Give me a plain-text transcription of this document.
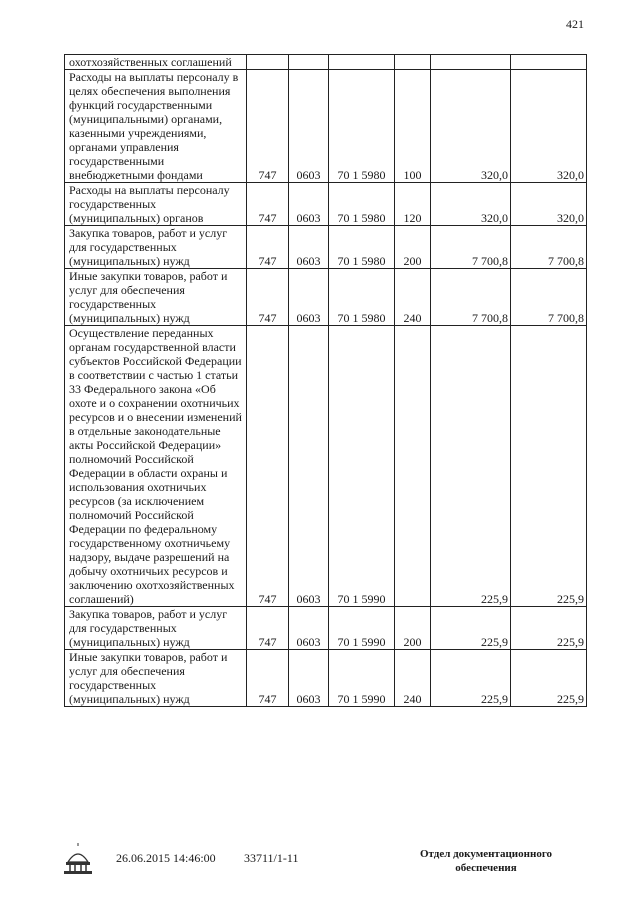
421
охотхозяйственных соглашений						
Расходы на выплаты персоналу в целях обеспечения выполнения функций государственными (муниципальными) органами, казенными учреждениями, органами управления государственными внебюджетными фондами	747	0603	70 1 5980	100	320,0	320,0
Расходы на выплаты персоналу государственных (муниципальных) органов	747	0603	70 1 5980	120	320,0	320,0
Закупка товаров, работ и услуг для государственных (муниципальных) нужд	747	0603	70 1 5980	200	7 700,8	7 700,8
Иные закупки товаров, работ и услуг для обеспечения государственных (муниципальных) нужд	747	0603	70 1 5980	240	7 700,8	7 700,8
Осуществление переданных органам государственной власти субъектов Российской Федерации в соответствии с частью 1 статьи 33 Федерального закона «Об охоте и о сохранении охотничьих ресурсов и о внесении изменений в отдельные законодательные акты Российской Федерации» полномочий Российской Федерации в области охраны и использования охотничьих ресурсов (за исключением полномочий Российской Федерации по федеральному государственному охотничьему надзору, выдаче разрешений на добычу охотничьих ресурсов и заключению охотхозяйственных соглашений)	747	0603	70 1 5990		225,9	225,9
Закупка товаров, работ и услуг для государственных (муниципальных) нужд	747	0603	70 1 5990	200	225,9	225,9
Иные закупки товаров, работ и услуг для обеспечения государственных (муниципальных) нужд	747	0603	70 1 5990	240	225,9	225,9
26.06.2015 14:46:00 33711/1-11	Отдел документационного
обеспечения
